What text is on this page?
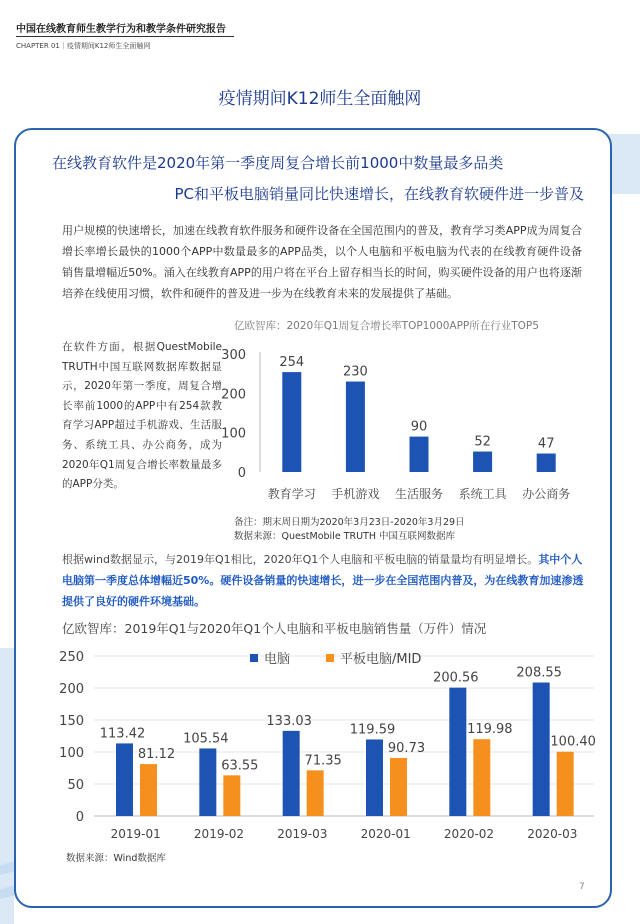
中国在线教育师生教学行为和教学条件研究报告
CHAPTER 01｜疫情期间K12师生全面触网
疫情期间K12师生全面触网
在线教育软件是2020年第一季度周复合增长前1000中数量最多品类
PC和平板电脑销量同比快速增长，在线教育软硬件进一步普及

用户规模的快速增长，加速在线教育软件服务和硬件设备在全国范围内的普及，教育学习类APP成为周复合增长率增长最快的1000个APP中数量最多的APP品类，以个人电脑和平板电脑为代表的在线教育硬件设备销售量增幅近50%。涌入在线教育APP的用户将在平台上留存相当长的时间，购买硬件设备的用户也将逐渐培养在线使用习惯，软件和硬件的普及进一步为在线教育未来的发展提供了基础。

在软件方面，根据QuestMobile TRUTH中国互联网数据库数据显示，2020年第一季度，周复合增长率前1000的APP中有254款教育学习APP超过手机游戏、生活服务、系统工具、办公商务，成为2020年Q1周复合增长率数量最多的APP分类。

亿欧智库：2020年Q1周复合增长率TOP1000APP所在行业TOP5
0
100
200
300	254
教育学习
230
手机游戏
90
生活服务
52
系统工具
47
办公商务
备注：期末周日期为2020年3月23日-2020年3月29日
数据来源：QuestMobile TRUTH 中国互联网数据库

根据wind数据显示，与2019年Q1相比，2020年Q1个人电脑和平板电脑的销量量均有明显增长。其中个人电脑第一季度总体增幅近50%。硬件设备销量的快速增长，进一步在全国范围内普及，为在线教育加速渗透提供了良好的硬件环境基础。

亿欧智库：2019年Q1与2020年Q1个人电脑和平板电脑销售量（万件）情况
0
50
100
150
200
250	电脑	平板电脑/MID
113.42
81.12
2019-01
105.54
63.55
2019-02
133.03
71.35
2019-03
119.59
90.73
2020-01
200.56
119.98
2020-02
208.55
100.40
2020-03
数据来源：Wind数据库
7
